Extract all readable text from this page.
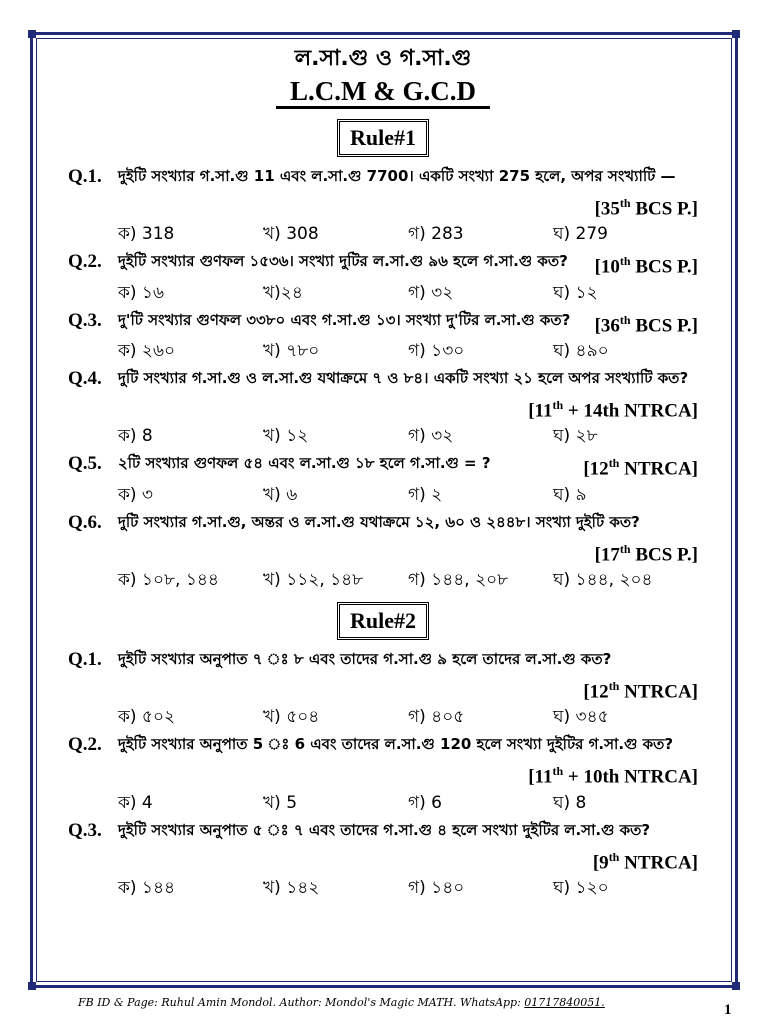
ল.সা.গু ও গ.সা.গু
L.C.M & G.C.D
Rule#1
Q.1. দুইটি সংখ্যার গ.সা.গু 11 এবং ল.সা.গু 7700। একটি সংখ্যা 275 হলে, অপর সংখ্যাটি —
[35th BCS P.]
ক) 318	খ) 308	গ) 283	ঘ) 279
Q.2. দুইটি সংখ্যার গুণফল ১৫৩৬। সংখ্যা দুটির ল.সা.গু ৯৬ হলে গ.সা.গু কত? [10th BCS P.]
ক) ১৬	খ)২৪	গ) ৩২	ঘ) ১২
Q.3. দু'টি সংখ্যার গুণফল ৩৩৮০ এবং গ.সা.গু ১৩। সংখ্যা দু'টির ল.সা.গু কত? [36th BCS P.]
ক) ২৬০	খ) ৭৮০	গ) ১৩০	ঘ) ৪৯০
Q.4. দুটি সংখ্যার গ.সা.গু ও ল.সা.গু যথাক্রমে ৭ ও ৮৪। একটি সংখ্যা ২১ হলে অপর সংখ্যাটি কত?
[11th + 14th NTRCA]
ক) 8	খ) ১২	গ) ৩২	ঘ) ২৮
Q.5. ২টি সংখ্যার গুণফল ৫৪ এবং ল.সা.গু ১৮ হলে গ.সা.গু = ?	[12th NTRCA]
ক) ৩	খ) ৬	গ) ২	ঘ) ৯
Q.6. দুটি সংখ্যার গ.সা.গু, অন্তর ও ল.সা.গু যথাক্রমে ১২, ৬০ ও ২৪৪৮। সংখ্যা দুইটি কত?
[17th BCS P.]
ক) ১০৮, ১৪৪	খ) ১১২, ১৪৮	গ) ১৪৪, ২০৮	ঘ) ১৪৪, ২০৪
Rule#2
Q.1. দুইটি সংখ্যার অনুপাত ৭ ঃ ৮ এবং তাদের গ.সা.গু ৯ হলে তাদের ল.সা.গু কত?
[12th NTRCA]
ক) ৫০২	খ) ৫০৪	গ) ৪০৫	ঘ) ৩৪৫
Q.2. দুইটি সংখ্যার অনুপাত 5 ঃ 6 এবং তাদের ল.সা.গু 120 হলে সংখ্যা দুইটির গ.সা.গু কত?
[11th + 10th NTRCA]
ক) 4	খ) 5	গ) 6	ঘ) 8
Q.3. দুইটি সংখ্যার অনুপাত ৫ ঃ ৭ এবং তাদের গ.সা.গু ৪ হলে সংখ্যা দুইটির ল.সা.গু কত?
[9th NTRCA]
ক) ১৪৪	খ) ১৪২	গ) ১৪০	ঘ) ১২০
FB ID & Page: Ruhul Amin Mondol. Author: Mondol's Magic MATH. WhatsApp: 01717840051.	1
